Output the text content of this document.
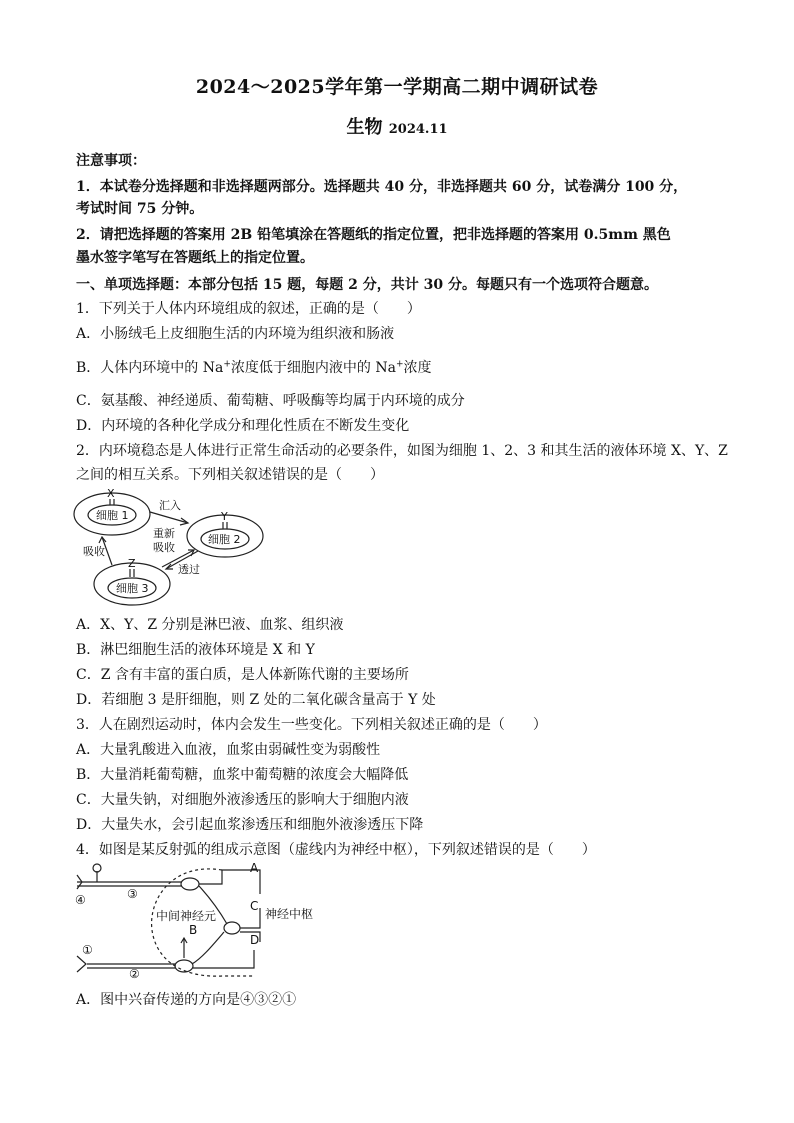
2024～2025学年第一学期高二期中调研试卷
生物 2024.11
注意事项：
1．本试卷分选择题和非选择题两部分。选择题共 40 分，非选择题共 60 分，试卷满分 100 分，
考试时间 75 分钟。
2．请把选择题的答案用 2B 铅笔填涂在答题纸的指定位置，把非选择题的答案用 0.5mm 黑色
墨水签字笔写在答题纸上的指定位置。
一、单项选择题：本部分包括 15 题，每题 2 分，共计 30 分。每题只有一个选项符合题意。
1．下列关于人体内环境组成的叙述，正确的是（　　）
A．小肠绒毛上皮细胞生活的内环境为组织液和肠液
B．人体内环境中的 Na+浓度低于细胞内液中的 Na+浓度
C．氨基酸、神经递质、葡萄糖、呼吸酶等均属于内环境的成分
D．内环境的各种化学成分和理化性质在不断发生变化
2．内环境稳态是人体进行正常生命活动的必要条件，如图为细胞 1、2、3 和其生活的液体环境 X、Y、Z
之间的相互关系。下列相关叙述错误的是（　　）
X
细胞 1	Y
细胞 2
Z
细胞 3
汇入
重新
吸收
吸收
透过
A．X、Y、Z 分别是淋巴液、血浆、组织液
B．淋巴细胞生活的液体环境是 X 和 Y
C．Z 含有丰富的蛋白质，是人体新陈代谢的主要场所
D．若细胞 3 是肝细胞，则 Z 处的二氧化碳含量高于 Y 处
3．人在剧烈运动时，体内会发生一些变化。下列相关叙述正确的是（　　）
A．大量乳酸进入血液，血浆由弱碱性变为弱酸性
B．大量消耗葡萄糖，血浆中葡萄糖的浓度会大幅降低
C．大量失钠，对细胞外液渗透压的影响大于细胞内液
D．大量失水，会引起血浆渗透压和细胞外液渗透压下降
4．如图是某反射弧的组成示意图（虚线内为神经中枢），下列叙述错误的是（　　）
④	③
①
②
A
B
C
D
中间神经元	神经中枢
A．图中兴奋传递的方向是④③②①
